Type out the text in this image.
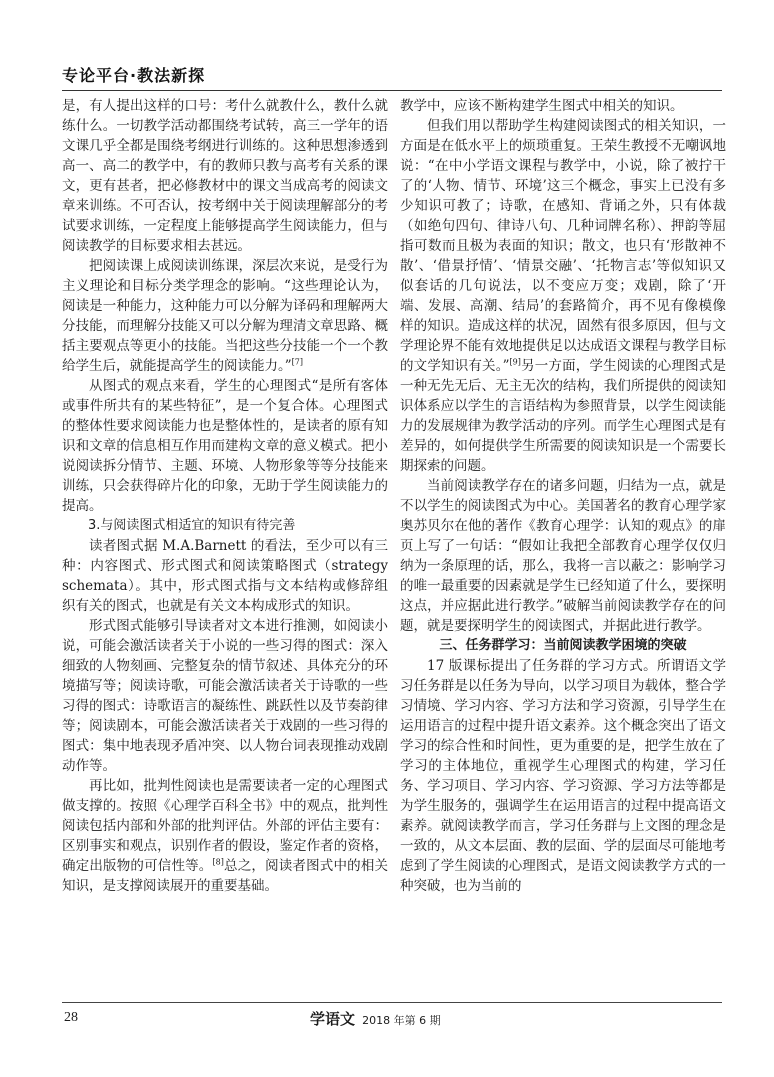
专论平台·教法新探

是，有人提出这样的口号：考什么就教什么，教什么就练什么。一切教学活动都围绕考试转，高三一学年的语文课几乎全都是围绕考纲进行训练的。这种思想渗透到高一、高二的教学中，有的教师只教与高考有关系的课文，更有甚者，把必修教材中的课文当成高考的阅读文章来训练。不可否认，按考纲中关于阅读理解部分的考试要求训练，一定程度上能够提高学生阅读能力，但与阅读教学的目标要求相去甚远。

把阅读课上成阅读训练课，深层次来说，是受行为主义理论和目标分类学理念的影响。“这些理论认为，阅读是一种能力，这种能力可以分解为译码和理解两大分技能，而理解分技能又可以分解为理清文章思路、概括主要观点等更小的技能。当把这些分技能一个一个教给学生后，就能提高学生的阅读能力。”[7]

从图式的观点来看，学生的心理图式“是所有客体或事件所共有的某些特征”，是一个复合体。心理图式的整体性要求阅读能力也是整体性的，是读者的原有知识和文章的信息相互作用而建构文章的意义模式。把小说阅读拆分情节、主题、环境、人物形象等等分技能来训练，只会获得碎片化的印象，无助于学生阅读能力的提高。

3.与阅读图式相适宜的知识有待完善

读者图式据 M.A.Barnett 的看法，至少可以有三种：内容图式、形式图式和阅读策略图式（strategy schemata）。其中，形式图式指与文本结构或修辞组织有关的图式，也就是有关文本构成形式的知识。

形式图式能够引导读者对文本进行推测，如阅读小说，可能会激活读者关于小说的一些习得的图式：深入细致的人物刻画、完整复杂的情节叙述、具体充分的环境描写等；阅读诗歌，可能会激活读者关于诗歌的一些习得的图式：诗歌语言的凝练性、跳跃性以及节奏韵律等；阅读剧本，可能会激活读者关于戏剧的一些习得的图式：集中地表现矛盾冲突、以人物台词表现推动戏剧动作等。

再比如，批判性阅读也是需要读者一定的心理图式做支撑的。按照《心理学百科全书》中的观点，批判性阅读包括内部和外部的批判评估。外部的评估主要有：区别事实和观点，识别作者的假设，鉴定作者的资格，确定出版物的可信性等。[8]总之，阅读者图式中的相关知识，是支撑阅读展开的重要基础。

教学中，应该不断构建学生图式中相关的知识。

但我们用以帮助学生构建阅读图式的相关知识，一方面是在低水平上的烦琐重复。王荣生教授不无嘲讽地说：“在中小学语文课程与教学中，小说，除了被拧干了的‘人物、情节、环境’这三个概念，事实上已没有多少知识可教了；诗歌，在感知、背诵之外，只有体裁（如绝句四句、律诗八句、几种词牌名称）、押韵等屈指可数而且极为表面的知识；散文，也只有‘形散神不散’、‘借景抒情’、‘情景交融’、‘托物言志’等似知识又似套话的几句说法，以不变应万变；戏剧，除了‘开端、发展、高潮、结局’的套路简介，再不见有像模像样的知识。造成这样的状况，固然有很多原因，但与文学理论界不能有效地提供足以达成语文课程与教学目标的文学知识有关。”[9]另一方面，学生阅读的心理图式是一种无先无后、无主无次的结构，我们所提供的阅读知识体系应以学生的言语结构为参照背景，以学生阅读能力的发展规律为教学活动的序列。而学生心理图式是有差异的，如何提供学生所需要的阅读知识是一个需要长期探索的问题。

当前阅读教学存在的诸多问题，归结为一点，就是不以学生的阅读图式为中心。美国著名的教育心理学家奥苏贝尔在他的著作《教育心理学：认知的观点》的扉页上写了一句话：“假如让我把全部教育心理学仅仅归纳为一条原理的话，那么，我将一言以蔽之：影响学习的唯一最重要的因素就是学生已经知道了什么，要探明这点，并应据此进行教学。”破解当前阅读教学存在的问题，就是要探明学生的阅读图式，并据此进行教学。

三、任务群学习：当前阅读教学困境的突破

17 版课标提出了任务群的学习方式。所谓语文学习任务群是以任务为导向，以学习项目为载体，整合学习情境、学习内容、学习方法和学习资源，引导学生在运用语言的过程中提升语文素养。这个概念突出了语文学习的综合性和时间性，更为重要的是，把学生放在了学习的主体地位，重视学生心理图式的构建，学习任务、学习项目、学习内容、学习资源、学习方法等都是为学生服务的，强调学生在运用语言的过程中提高语文素养。就阅读教学而言，学习任务群与上文图的理念是一致的，从文本层面、教的层面、学的层面尽可能地考虑到了学生阅读的心理图式，是语文阅读教学方式的一种突破，也为当前的

28	学语文 2018 年第 6 期
